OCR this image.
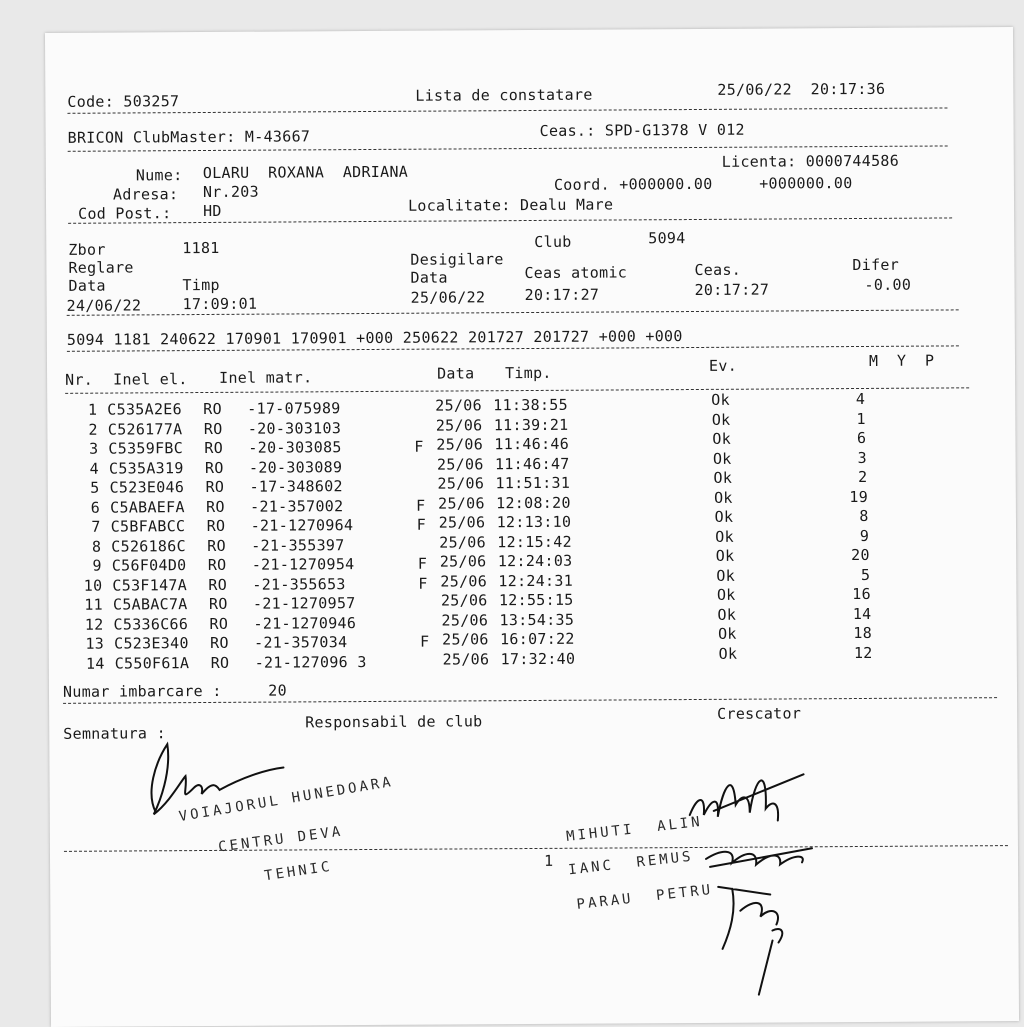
Code: 503257	Lista de constatare	25/06/22  20:17:36
BRICON ClubMaster: M-43667	Ceas.: SPD-G1378 V 012
Nume: OLARU  ROXANA  ADRIANA
Licenta: 0000744586
Adresa: Nr.203	Coord. +000000.00     +000000.00
Cod Post.: HD	Localitate: Dealu Mare
Zbor	1181	Club	5094
Reglare	Desigilare
Data	Timp	Data	Ceas atomic	Ceas.	Difer
24/06/22	17:09:01	25/06/22	20:17:27	20:17:27	-0.00
5094 1181 240622 170901 170901 +000 250622 201727 201727 +000 +000
Nr. Inel el. Inel matr.	Data Timp.	Ev.	M  Y  P
1 C535A2E6 RO -17-075989	25/06 11:38:55	Ok	4
2 C526177A RO -20-303103	25/06 11:39:21	Ok	1
3 C5359FBC RO -20-303085	F 25/06 11:46:46	Ok	6
4 C535A319 RO -20-303089	25/06 11:46:47	Ok	3
5 C523E046 RO -17-348602	25/06 11:51:31	Ok	2
6 C5ABAEFA RO -21-357002	F 25/06 12:08:20	Ok	19
7 C5BFABCC RO -21-1270964	F 25/06 12:13:10	Ok	8
8 C526186C RO -21-355397	25/06 12:15:42	Ok	9
9 C56F04D0 RO -21-1270954	F 25/06 12:24:03	Ok	20
10 C53F147A RO -21-355653	F 25/06 12:24:31	Ok	5
11 C5ABAC7A RO -21-1270957	25/06 12:55:15	Ok	16
12 C5336C66 RO -21-1270946	25/06 13:54:35	Ok	14
13 C523E340 RO -21-357034	F 25/06 16:07:22	Ok	18
14 C550F61A RO -21-127096 3	25/06 17:32:40	Ok	12
Numar imbarcare :     20
Semnatura :
Responsabil de club	Crescator
VOIAJORUL HUNEDOARA
CENTRU DEVA
TEHNIC	1
MIHUTI  ALIN
IANC  REMUS
PARAU  PETRU
